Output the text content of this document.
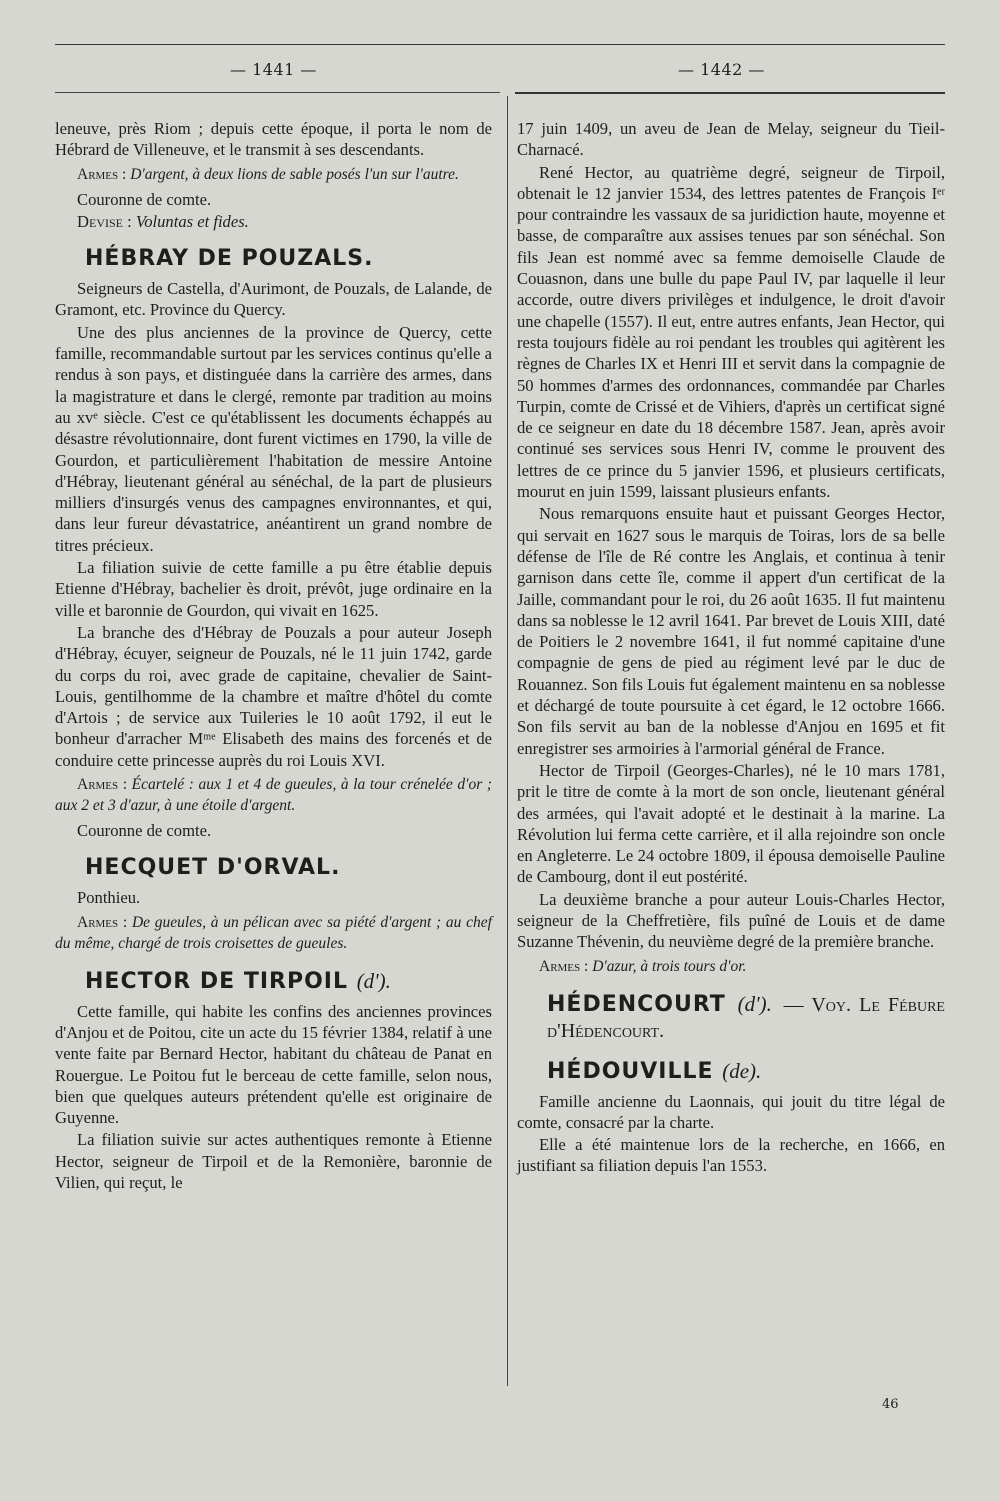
— 1441 —	— 1442 —

leneuve, près Riom ; depuis cette époque, il porta le nom de Hébrard de Villeneuve, et le transmit à ses descendants.

Armes : D'argent, à deux lions de sable posés l'un sur l'autre.

Couronne de comte.

Devise : Voluntas et fides.

HÉBRAY DE POUZALS.

Seigneurs de Castella, d'Aurimont, de Pouzals, de Lalande, de Gramont, etc. Province du Quercy.

Une des plus anciennes de la province de Quercy, cette famille, recommandable surtout par les services continus qu'elle a rendus à son pays, et distinguée dans la carrière des armes, dans la magistrature et dans le clergé, remonte par tradition au moins au xvᵉ siècle. C'est ce qu'établissent les documents échappés au désastre révolutionnaire, dont furent victimes en 1790, la ville de Gourdon, et particulièrement l'habitation de messire Antoine d'Hébray, lieutenant général au sénéchal, de la part de plusieurs milliers d'insurgés venus des campagnes environnantes, et qui, dans leur fureur dévastatrice, anéantirent un grand nombre de titres précieux.

La filiation suivie de cette famille a pu être établie depuis Etienne d'Hébray, bachelier ès droit, prévôt, juge ordinaire en la ville et baronnie de Gourdon, qui vivait en 1625.

La branche des d'Hébray de Pouzals a pour auteur Joseph d'Hébray, écuyer, seigneur de Pouzals, né le 11 juin 1742, garde du corps du roi, avec grade de capitaine, chevalier de Saint-Louis, gentilhomme de la chambre et maître d'hôtel du comte d'Artois ; de service aux Tuileries le 10 août 1792, il eut le bonheur d'arracher Mᵐᵉ Elisabeth des mains des forcenés et de conduire cette princesse auprès du roi Louis XVI.

Armes : Écartelé : aux 1 et 4 de gueules, à la tour crénelée d'or ; aux 2 et 3 d'azur, à une étoile d'argent.

Couronne de comte.

HECQUET D'ORVAL.

Ponthieu.

Armes : De gueules, à un pélican avec sa piété d'argent ; au chef du même, chargé de trois croisettes de gueules.

HECTOR DE TIRPOIL (d').

Cette famille, qui habite les confins des anciennes provinces d'Anjou et de Poitou, cite un acte du 15 février 1384, relatif à une vente faite par Bernard Hector, habitant du château de Panat en Rouergue. Le Poitou fut le berceau de cette famille, selon nous, bien que quelques auteurs prétendent qu'elle est originaire de Guyenne.

La filiation suivie sur actes authentiques remonte à Etienne Hector, seigneur de Tirpoil et de la Remonière, baronnie de Vilien, qui reçut, le

17 juin 1409, un aveu de Jean de Melay, seigneur du Tieil-Charnacé.

René Hector, au quatrième degré, seigneur de Tirpoil, obtenait le 12 janvier 1534, des lettres patentes de François Iᵉʳ pour contraindre les vassaux de sa juridiction haute, moyenne et basse, de comparaître aux assises tenues par son sénéchal. Son fils Jean est nommé avec sa femme demoiselle Claude de Couasnon, dans une bulle du pape Paul IV, par laquelle il leur accorde, outre divers privilèges et indulgence, le droit d'avoir une chapelle (1557). Il eut, entre autres enfants, Jean Hector, qui resta toujours fidèle au roi pendant les troubles qui agitèrent les règnes de Charles IX et Henri III et servit dans la compagnie de 50 hommes d'armes des ordonnances, commandée par Charles Turpin, comte de Crissé et de Vihiers, d'après un certificat signé de ce seigneur en date du 18 décembre 1587. Jean, après avoir continué ses services sous Henri IV, comme le prouvent des lettres de ce prince du 5 janvier 1596, et plusieurs certificats, mourut en juin 1599, laissant plusieurs enfants.

Nous remarquons ensuite haut et puissant Georges Hector, qui servait en 1627 sous le marquis de Toiras, lors de sa belle défense de l'île de Ré contre les Anglais, et continua à tenir garnison dans cette île, comme il appert d'un certificat de la Jaille, commandant pour le roi, du 26 août 1635. Il fut maintenu dans sa noblesse le 12 avril 1641. Par brevet de Louis XIII, daté de Poitiers le 2 novembre 1641, il fut nommé capitaine d'une compagnie de gens de pied au régiment levé par le duc de Rouannez. Son fils Louis fut également maintenu en sa noblesse et déchargé de toute poursuite à cet égard, le 12 octobre 1666. Son fils servit au ban de la noblesse d'Anjou en 1695 et fit enregistrer ses armoiries à l'armorial général de France.

Hector de Tirpoil (Georges-Charles), né le 10 mars 1781, prit le titre de comte à la mort de son oncle, lieutenant général des armées, qui l'avait adopté et le destinait à la marine. La Révolution lui ferma cette carrière, et il alla rejoindre son oncle en Angleterre. Le 24 octobre 1809, il épousa demoiselle Pauline de Cambourg, dont il eut postérité.

La deuxième branche a pour auteur Louis-Charles Hector, seigneur de la Cheffretière, fils puîné de Louis et de dame Suzanne Thévenin, du neuvième degré de la première branche.

Armes : D'azur, à trois tours d'or.

HÉDENCOURT (d'). — Voy. Le Fébure d'Hédencourt.
HÉDOUVILLE (de).

Famille ancienne du Laonnais, qui jouit du titre légal de comte, consacré par la charte.

Elle a été maintenue lors de la recherche, en 1666, en justifiant sa filiation depuis l'an 1553.

46
